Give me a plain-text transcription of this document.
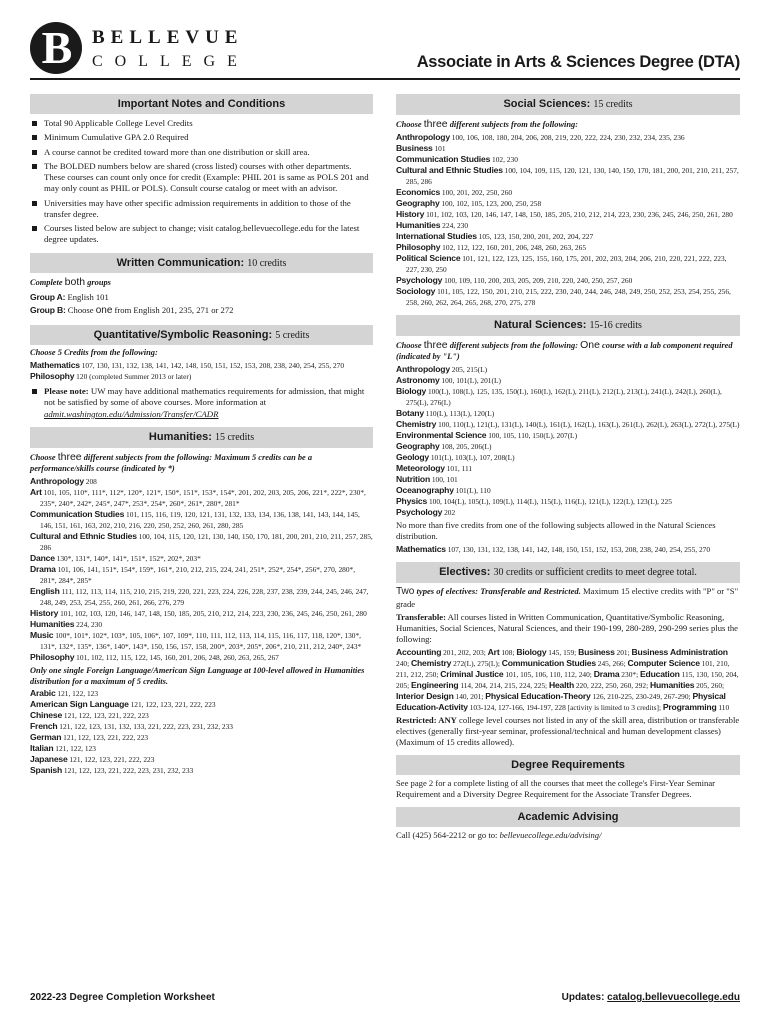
B BELLEVUE
COLLEGE	Associate in Arts & Sciences Degree (DTA)
Important Notes and Conditions
Total 90 Applicable College Level Credits
Minimum Cumulative GPA 2.0 Required
A course cannot be credited toward more than one distribution or skill area.
The BOLDED numbers below are shared (cross listed) courses with other departments. These courses can count only once for credit (Example: PHIL 201 is same as POLS 201 and may only count as PHIL or POLS). Consult course catalog or meet with an advisor.
Universities may have other specific admission requirements in addition to those of the transfer degree.
Courses listed below are subject to change; visit catalog.bellevuecollege.edu for the latest degree updates.
Written Communication: 10 credits

Complete both groups

Group A: English 101

Group B: Choose one from English 201, 235, 271 or 272

Quantitative/Symbolic Reasoning: 5 credits

Choose 5 Credits from the following:

Mathematics 107, 130, 131, 132, 138, 141, 142, 148, 150, 151, 152, 153, 208, 238, 240, 254, 255, 270

Philosophy 120 (completed Summer 2013 or later)

Please note: UW may have additional mathematics requirements for admission, that might not be satisfied by some of above courses. More information at admit.washington.edu/Admission/Transfer/CADR
Humanities: 15 credits

Choose three different subjects from the following: Maximum 5 credits can be a performance/skills course (indicated by *)

Anthropology 208

Art 101, 105, 110*, 111*, 112*, 120*, 121*, 150*, 151*, 153*, 154*, 201, 202, 203, 205, 206, 221*, 222*, 230*, 235*, 240*, 242*, 245*, 247*, 253*, 254*, 260*, 261*, 280*, 281*

Communication Studies 101, 115, 116, 119, 120, 121, 131, 132, 133, 134, 136, 138, 141, 143, 144, 145, 146, 151, 161, 163, 202, 210, 216, 220, 250, 252, 260, 261, 280, 285

Cultural and Ethnic Studies 100, 104, 115, 120, 121, 130, 140, 150, 170, 181, 200, 201, 210, 211, 257, 285, 286

Dance 130*, 131*, 140*, 141*, 151*, 152*, 202*, 203*

Drama 101, 106, 141, 151*, 154*, 159*, 161*, 210, 212, 215, 224, 241, 251*, 252*, 254*, 256*, 270, 280*, 281*, 284*, 285*

English 111, 112, 113, 114, 115, 210, 215, 219, 220, 221, 223, 224, 226, 228, 237, 238, 239, 244, 245, 246, 247, 248, 249, 253, 254, 255, 260, 261, 266, 276, 279

History 101, 102, 103, 120, 146, 147, 148, 150, 185, 205, 210, 212, 214, 223, 230, 236, 245, 246, 250, 261, 280

Humanities 224, 230

Music 100*, 101*, 102*, 103*, 105, 106*, 107, 109*, 110, 111, 112, 113, 114, 115, 116, 117, 118, 120*, 130*, 131*, 132*, 135*, 136*, 140*, 143*, 150, 156, 157, 158, 200*, 203*, 205*, 206*, 210, 211, 212, 240*, 243*

Philosophy 101, 102, 112, 115, 122, 145, 160, 201, 206, 248, 260, 263, 265, 267

Only one single Foreign Language/American Sign Language at 100-level allowed in Humanities distribution for a maximum of 5 credits.

Arabic 121, 122, 123

American Sign Language 121, 122, 123, 221, 222, 223

Chinese 121, 122, 123, 221, 222, 223

French 121, 122, 123, 131, 132, 133, 221, 222, 223, 231, 232, 233

German 121, 122, 123, 221, 222, 223

Italian 121, 122, 123

Japanese 121, 122, 123, 221, 222, 223

Spanish 121, 122, 123, 221, 222, 223, 231, 232, 233

Social Sciences: 15 credits

Choose three different subjects from the following:

Anthropology 100, 106, 108, 180, 204, 206, 208, 219, 220, 222, 224, 230, 232, 234, 235, 236

Business 101

Communication Studies 102, 230

Cultural and Ethnic Studies 100, 104, 109, 115, 120, 121, 130, 140, 150, 170, 181, 200, 201, 210, 211, 257, 285, 286

Economics 100, 201, 202, 250, 260

Geography 100, 102, 105, 123, 200, 250, 258

History 101, 102, 103, 120, 146, 147, 148, 150, 185, 205, 210, 212, 214, 223, 230, 236, 245, 246, 250, 261, 280

Humanities 224, 230

International Studies 105, 123, 150, 200, 201, 202, 204, 227

Philosophy 102, 112, 122, 160, 201, 206, 248, 260, 263, 265

Political Science 101, 121, 122, 123, 125, 155, 160, 175, 201, 202, 203, 204, 206, 210, 220, 221, 222, 223, 227, 230, 250

Psychology 100, 109, 110, 200, 203, 205, 209, 210, 220, 240, 250, 257, 260

Sociology 101, 105, 122, 150, 201, 210, 215, 222, 230, 240, 244, 246, 248, 249, 250, 252, 253, 254, 255, 256, 258, 260, 262, 264, 265, 268, 270, 275, 278

Natural Sciences: 15-16 credits

Choose three different subjects from the following: One course with a lab component required (indicated by "L")

Anthropology 205, 215(L)

Astronomy 100, 101(L), 201(L)

Biology 100(L), 108(L), 125, 135, 150(L), 160(L), 162(L), 211(L), 212(L), 213(L), 241(L), 242(L), 260(L), 275(L), 276(L)

Botany 110(L), 113(L), 120(L)

Chemistry 100, 110(L), 121(L), 131(L), 140(L), 161(L), 162(L), 163(L), 261(L), 262(L), 263(L), 272(L), 275(L)

Environmental Science 100, 105, 110, 150(L), 207(L)

Geography 108, 205, 206(L)

Geology 101(L), 103(L), 107, 208(L)

Meteorology 101, 111

Nutrition 100, 101

Oceanography 101(L), 110

Physics 100, 104(L), 105(L), 109(L), 114(L), 115(L), 116(L), 121(L), 122(L), 123(L), 225

Psychology 202

No more than five credits from one of the following subjects allowed in the Natural Sciences distribution.

Mathematics 107, 130, 131, 132, 138, 141, 142, 148, 150, 151, 152, 153, 208, 238, 240, 254, 255, 270

Electives: 30 credits or sufficient credits to meet degree total.

Two types of electives: Transferable and Restricted. Maximum 15 elective credits with "P" or "S" grade

Transferable: All courses listed in Written Communication, Quantitative/Symbolic Reasoning, Humanities, Social Sciences, Natural Sciences, and their 190-199, 280-289, 290-299 series plus the following:

Accounting 201, 202, 203; Art 108; Biology 145, 159; Business 201; Business Administration 240; Chemistry 272(L), 275(L); Communication Studies 245, 266; Computer Science 101, 210, 211, 212, 250; Criminal Justice 101, 105, 106, 110, 112, 240; Drama 230*; Education 115, 130, 150, 204, 205; Engineering 114, 204, 214, 215, 224, 225; Health 220, 222, 250, 260, 292; Humanities 205, 260; Interior Design 140, 201; Physical Education-Theory 126, 210-225, 230-249, 267-290; Physical Education-Activity 103-124, 127-166, 194-197, 228 [activity is limited to 3 credits]; Programming 110

Restricted: ANY college level courses not listed in any of the skill area, distribution or transferable electives (generally first-year seminar, professional/technical and human development classes) (Maximum of 15 credits allowed).

Degree Requirements

See page 2 for a complete listing of all the courses that meet the college's First-Year Seminar Requirement and a Diversity Degree Requirement for the Associate Transfer Degrees.

Academic Advising

Call (425) 564-2212 or go to: bellevuecollege.edu/advising/

2022-23 Degree Completion Worksheet	Updates: catalog.bellevuecollege.edu
